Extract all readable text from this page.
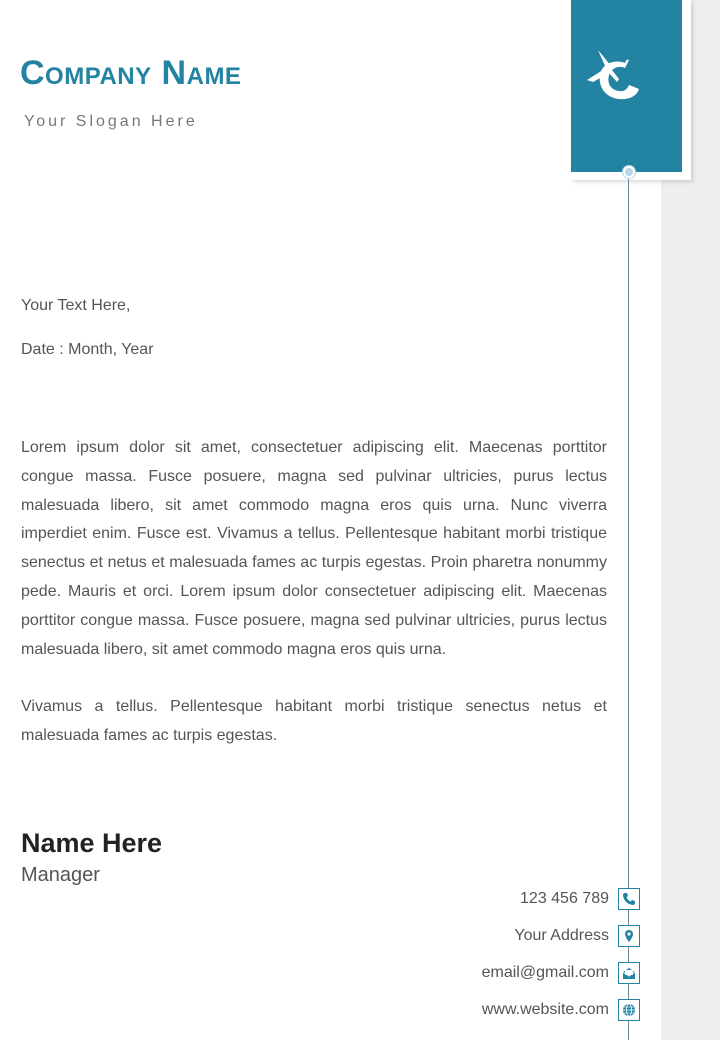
Company Name
Your Slogan Here
Your Text Here,
Date : Month, Year

Lorem ipsum dolor sit amet, consectetuer adipiscing elit. Maecenas porttitor congue massa. Fusce posuere, magna sed pulvinar ultricies, purus lectus malesuada libero, sit amet commodo magna eros quis urna. Nunc viverra imperdiet enim. Fusce est. Vivamus a tellus. Pellentesque habitant morbi tristique senectus et netus et malesuada fames ac turpis egestas. Proin pharetra nonummy pede. Mauris et orci. Lorem ipsum dolor consectetuer adipiscing elit. Maecenas porttitor congue massa. Fusce posuere, magna sed pulvinar ultricies, purus lectus malesuada libero, sit amet commodo magna eros quis urna.

Vivamus a tellus. Pellentesque habitant morbi tristique senectus netus et malesuada fames ac turpis egestas.

Name Here
Manager
123 456 789
Your Address
email@gmail.com
www.website.com
